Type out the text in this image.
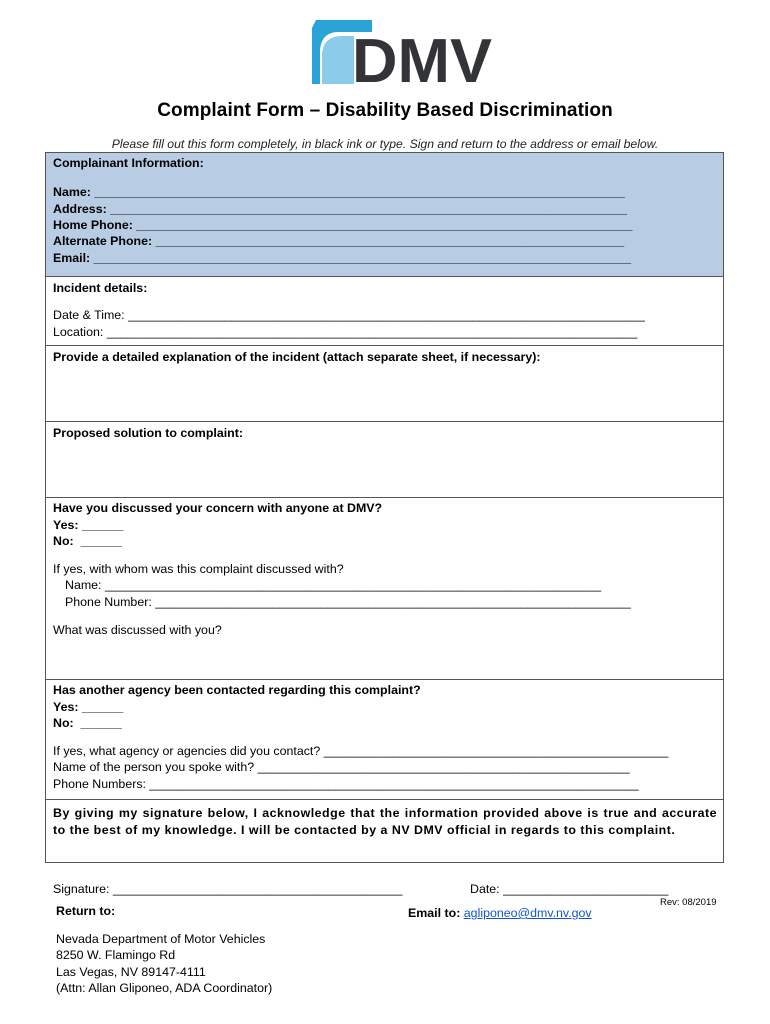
DMV
Complaint Form – Disability Based Discrimination
Please fill out this form completely, in black ink or type. Sign and return to the address or email below.
Complainant Information:
Name: _____________________________________________________________________________
Address: ___________________________________________________________________________
Home Phone: ________________________________________________________________________
Alternate Phone: ____________________________________________________________________
Email: ______________________________________________________________________________
Incident details:
Date & Time: ___________________________________________________________________________
Location: _____________________________________________________________________________
Provide a detailed explanation of the incident (attach separate sheet, if necessary):
Proposed solution to complaint:
Have you discussed your concern with anyone at DMV?
Yes: ______
No:  ______
If yes, with whom was this complaint discussed with?
Name: ________________________________________________________________________
Phone Number: _____________________________________________________________________
What was discussed with you?
Has another agency been contacted regarding this complaint?
Yes: ______
No:  ______
If yes, what agency or agencies did you contact? __________________________________________________
Name of the person you spoke with? ______________________________________________________
Phone Numbers: _______________________________________________________________________
By giving my signature below, I acknowledge that the information provided above is true and accurate to the best of my knowledge. I will be contacted by a NV DMV official in regards to this complaint.
Signature: __________________________________________	Date: ________________________
Return to:	Email to: agliponeo@dmv.nv.gov
Rev: 08/2019
Nevada Department of Motor Vehicles
8250 W. Flamingo Rd
Las Vegas, NV 89147-4111
(Attn: Allan Gliponeo, ADA Coordinator)
